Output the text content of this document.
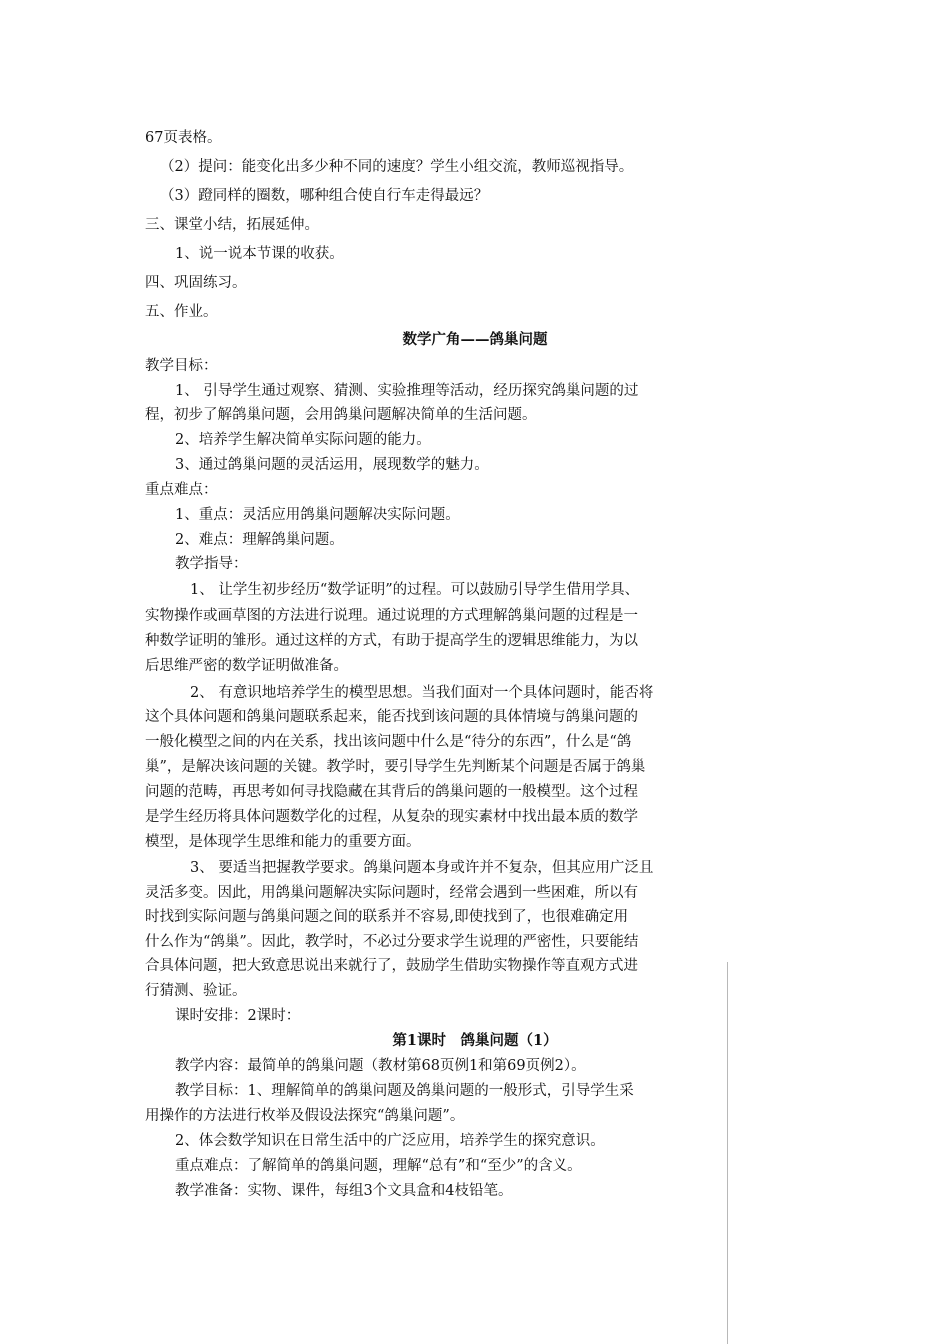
67页表格。
（2）提问：能变化出多少种不同的速度？学生小组交流，教师巡视指导。
（3）蹬同样的圈数，哪种组合使自行车走得最远？
三、课堂小结，拓展延伸。
1、说一说本节课的收获。
四、巩固练习。
五、作业。
数学广角——鸽巢问题
教学目标：
1、 引导学生通过观察、猜测、实验推理等活动，经历探究鸽巢问题的过
程，初步了解鸽巢问题，会用鸽巢问题解决简单的生活问题。
2、培养学生解决简单实际问题的能力。
3、通过鸽巢问题的灵活运用，展现数学的魅力。
重点难点：
1、重点：灵活应用鸽巢问题解决实际问题。
2、难点：理解鸽巢问题。
教学指导：
1、 让学生初步经历“数学证明”的过程。可以鼓励引导学生借用学具、
实物操作或画草图的方法进行说理。通过说理的方式理解鸽巢问题的过程是一
种数学证明的雏形。通过这样的方式，有助于提高学生的逻辑思维能力，为以
后思维严密的数学证明做准备。
2、 有意识地培养学生的模型思想。当我们面对一个具体问题时，能否将
这个具体问题和鸽巢问题联系起来，能否找到该问题的具体情境与鸽巢问题的
一般化模型之间的内在关系，找出该问题中什么是“待分的东西”，什么是“鸽
巢”，是解决该问题的关键。教学时，要引导学生先判断某个问题是否属于鸽巢
问题的范畴，再思考如何寻找隐藏在其背后的鸽巢问题的一般模型。这个过程
是学生经历将具体问题数学化的过程，从复杂的现实素材中找出最本质的数学
模型，是体现学生思维和能力的重要方面。
3、 要适当把握教学要求。鸽巢问题本身或许并不复杂，但其应用广泛且
灵活多变。因此，用鸽巢问题解决实际问题时，经常会遇到一些困难，所以有
时找到实际问题与鸽巢问题之间的联系并不容易,即使找到了，也很难确定用
什么作为“鸽巢”。因此，教学时，不必过分要求学生说理的严密性，只要能结
合具体问题，把大致意思说出来就行了，鼓励学生借助实物操作等直观方式进
行猜测、验证。
课时安排：2课时：
第1课时　鸽巢问题（1）
教学内容：最简单的鸽巢问题（教材第68页例1和第69页例2）。
教学目标：1、理解简单的鸽巢问题及鸽巢问题的一般形式，引导学生采
用操作的方法进行枚举及假设法探究“鸽巢问题”。
2、体会数学知识在日常生活中的广泛应用，培养学生的探究意识。
重点难点：了解简单的鸽巢问题，理解“总有”和“至少”的含义。
教学准备：实物、课件，每组3个文具盒和4枝铅笔。
